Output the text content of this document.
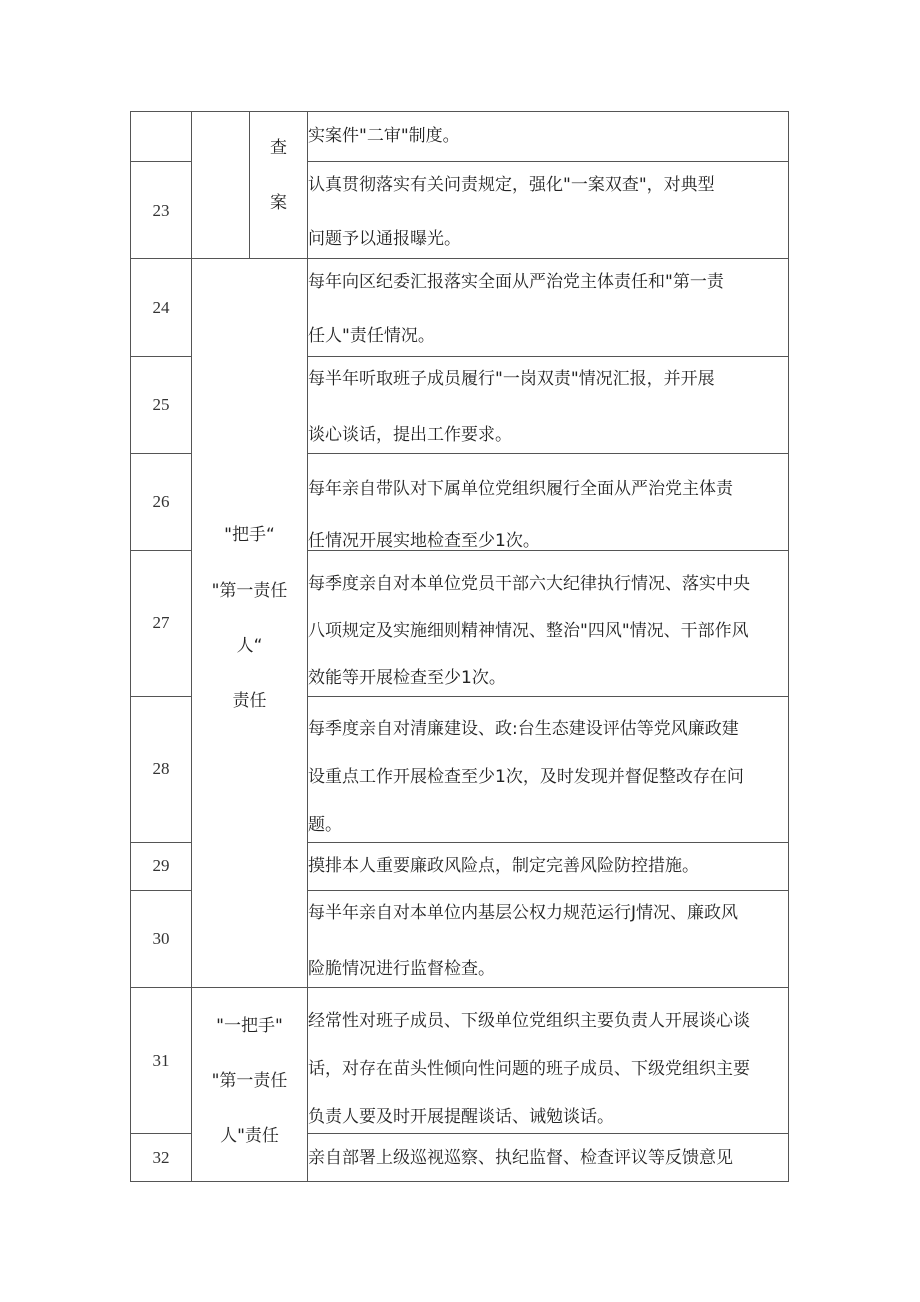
查
案
实案件"二审"制度。
23
认真贯彻落实有关问责规定，强化"一案双查"，对典型
问题予以通报曝光。
"把手“
"第一责任
人“
责任
24
每年向区纪委汇报落实全面从严治党主体责任和"第一责
任人"责任情况。
25
每半年听取班子成员履行"一岗双责"情况汇报，并开展
谈心谈话，提出工作要求。
26
每年亲自带队对下属单位党组织履行全面从严治党主体责
任情况开展实地检查至少1次。
27
每季度亲自对本单位党员干部六大纪律执行情况、落实中央
八项规定及实施细则精神情况、整治"四风"情况、干部作风
效能等开展检查至少1次。
28
每季度亲自对清廉建设、政:台生态建设评估等党风廉政建
设重点工作开展检查至少1次，及时发现并督促整改存在问
题。
29	摸排本人重要廉政风险点，制定完善风险防控措施。
30
每半年亲自对本单位内基层公权力规范运行J情况、廉政风
险脆情况进行监督检查。
"一把手"
"第一责任
人"责任
31
经常性对班子成员、下级单位党组织主要负责人开展谈心谈
话，对存在苗头性倾向性问题的班子成员、下级党组织主要
负责人要及时开展提醒谈话、诫勉谈话。
32	亲自部署上级巡视巡察、执纪监督、检查评议等反馈意见
